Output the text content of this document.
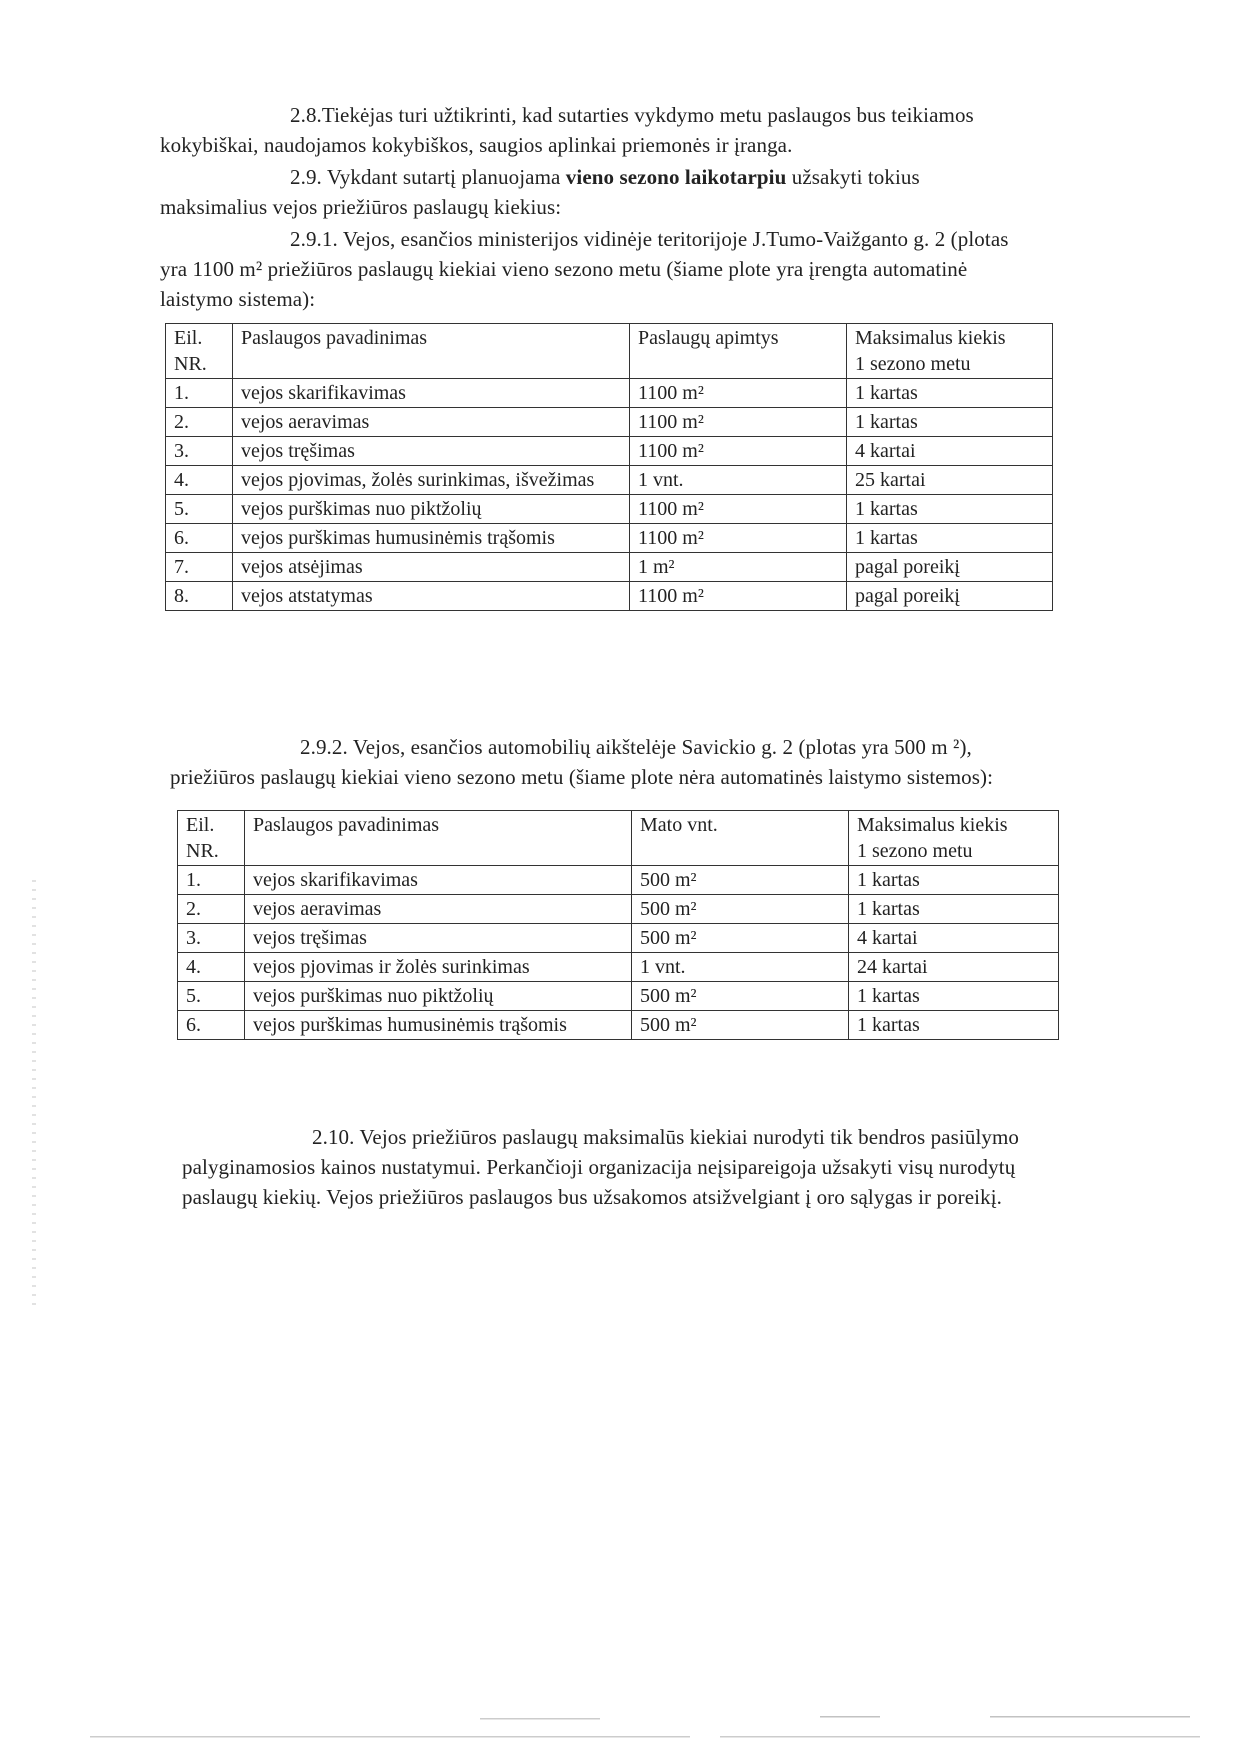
2.8.Tiekėjas turi užtikrinti, kad sutarties vykdymo metu paslaugos bus teikiamos

kokybiškai, naudojamos kokybiškos, saugios aplinkai priemonės ir įranga.

2.9. Vykdant sutartį planuojama vieno sezono laikotarpiu užsakyti tokius

maksimalius vejos priežiūros paslaugų kiekius:

2.9.1. Vejos, esančios ministerijos vidinėje teritorijoje J.Tumo-Vaižganto g. 2 (plotas

yra 1100 m² priežiūros paslaugų kiekiai vieno sezono metu (šiame plote yra įrengta automatinė

laistymo sistema):

Eil.
NR.	Paslaugos pavadinimas	Paslaugų apimtys	Maksimalus kiekis
1 sezono metu
1.	vejos skarifikavimas	1100 m²	1 kartas
2.	vejos aeravimas	1100 m²	1 kartas
3.	vejos tręšimas	1100 m²	4 kartai
4.	vejos pjovimas, žolės surinkimas, išvežimas	1 vnt.	25 kartai
5.	vejos purškimas nuo piktžolių	1100 m²	1 kartas
6.	vejos purškimas humusinėmis trąšomis	1100 m²	1 kartas
7.	vejos atsėjimas	1 m²	pagal poreikį
8.	vejos atstatymas	1100 m²	pagal poreikį

2.9.2. Vejos, esančios automobilių aikštelėje Savickio g. 2 (plotas yra 500 m ²),

priežiūros paslaugų kiekiai vieno sezono metu (šiame plote nėra automatinės laistymo sistemos):

Eil.
NR.	Paslaugos pavadinimas	Mato vnt.	Maksimalus kiekis
1 sezono metu
1.	vejos skarifikavimas	500 m²	1 kartas
2.	vejos aeravimas	500 m²	1 kartas
3.	vejos tręšimas	500 m²	4 kartai
4.	vejos pjovimas ir žolės surinkimas	1 vnt.	24 kartai
5.	vejos purškimas nuo piktžolių	500 m²	1 kartas
6.	vejos purškimas humusinėmis trąšomis	500 m²	1 kartas

2.10. Vejos priežiūros paslaugų maksimalūs kiekiai nurodyti tik bendros pasiūlymo

palyginamosios kainos nustatymui. Perkančioji organizacija neįsipareigoja užsakyti visų nurodytų

paslaugų kiekių. Vejos priežiūros paslaugos bus užsakomos atsižvelgiant į oro sąlygas ir poreikį.
